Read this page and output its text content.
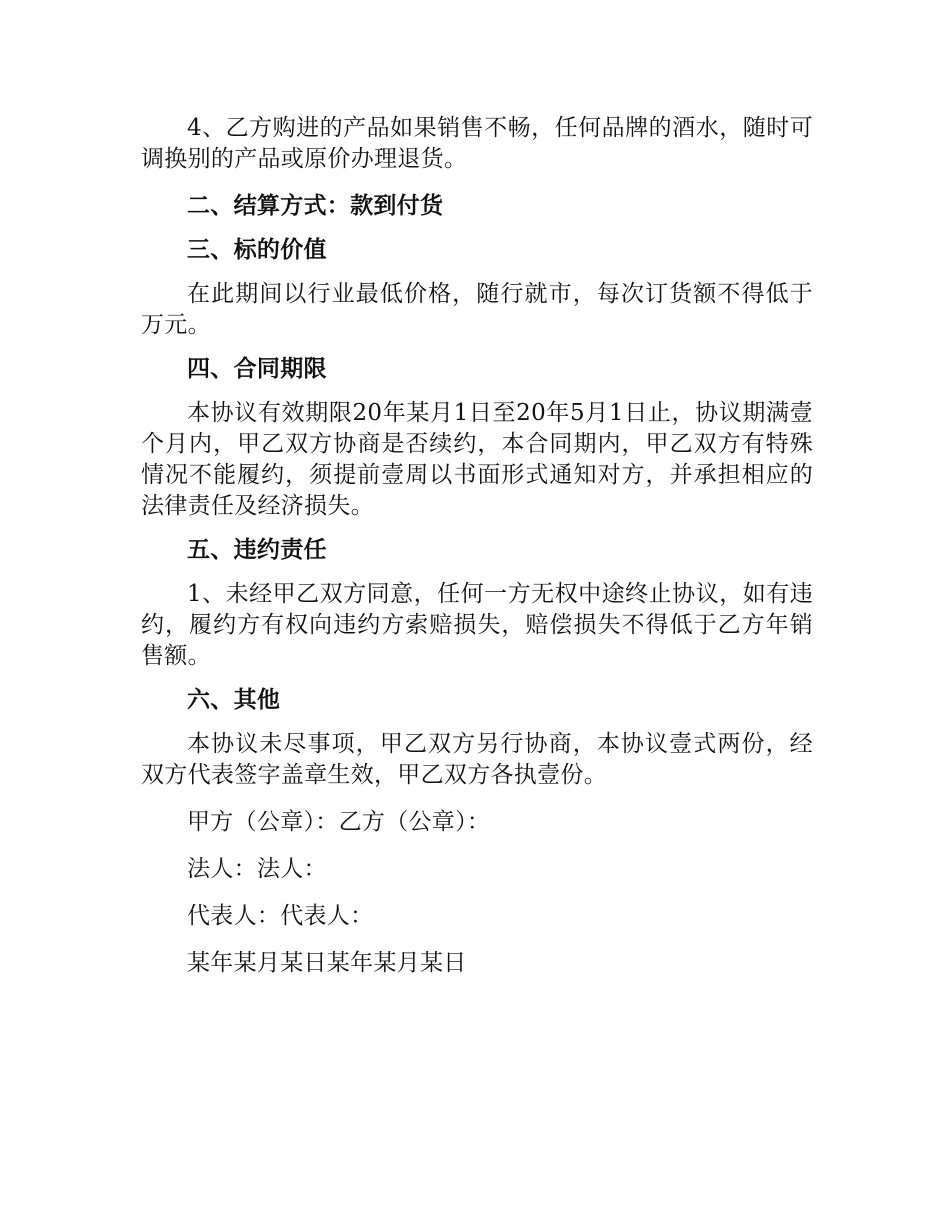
4、乙方购进的产品如果销售不畅，任何品牌的酒水，随时可调换别的产品或原价办理退货。

二、结算方式：款到付货

三、标的价值

在此期间以行业最低价格，随行就市，每次订货额不得低于万元。

四、合同期限

本协议有效期限20年某月1日至20年5月1日止，协议期满壹个月内，甲乙双方协商是否续约，本合同期内，甲乙双方有特殊情况不能履约，须提前壹周以书面形式通知对方，并承担相应的法律责任及经济损失。

五、违约责任

1、未经甲乙双方同意，任何一方无权中途终止协议，如有违约，履约方有权向违约方索赔损失，赔偿损失不得低于乙方年销售额。

六、其他

本协议未尽事项，甲乙双方另行协商，本协议壹式两份，经双方代表签字盖章生效，甲乙双方各执壹份。

甲方（公章）：乙方（公章）：

法人：法人：

代表人：代表人：

某年某月某日某年某月某日
